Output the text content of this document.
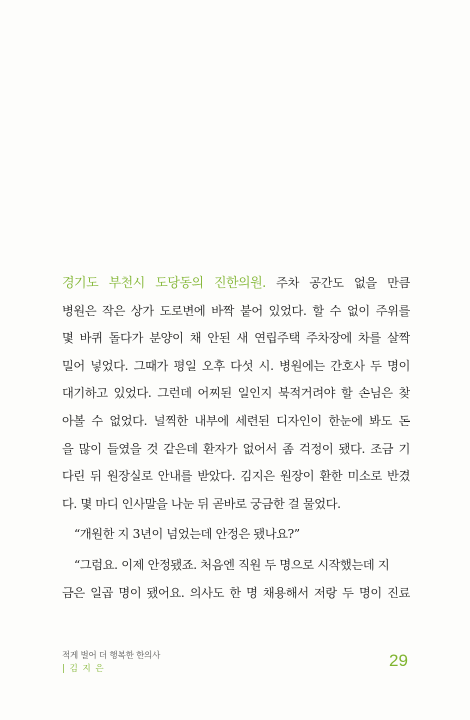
경기도 부천시 도당동의 진한의원. 주차 공간도 없을 만큼
병원은 작은 상가 도로변에 바짝 붙어 있었다. 할 수 없이 주위를
몇 바퀴 돌다가 분양이 채 안된 새 연립주택 주차장에 차를 살짝
밀어 넣었다. 그때가 평일 오후 다섯 시. 병원에는 간호사 두 명이
대기하고 있었다. 그런데 어찌된 일인지 북적거려야 할 손님은 찾
아볼 수 없었다. 널찍한 내부에 세련된 디자인이 한눈에 봐도 돈
을 많이 들였을 것 같은데 환자가 없어서 좀 걱정이 됐다. 조금 기
다린 뒤 원장실로 안내를 받았다. 김지은 원장이 환한 미소로 반겼
다. 몇 마디 인사말을 나눈 뒤 곧바로 궁금한 걸 물었다.
“개원한 지 3년이 넘었는데 안정은 됐나요?”
“그럼요. 이제 안정됐죠. 처음엔 직원 두 명으로 시작했는데 지
금은 일곱 명이 됐어요. 의사도 한 명 채용해서 저랑 두 명이 진료
적게 벌어 더 행복한 한의사
| 김 지 은	29
